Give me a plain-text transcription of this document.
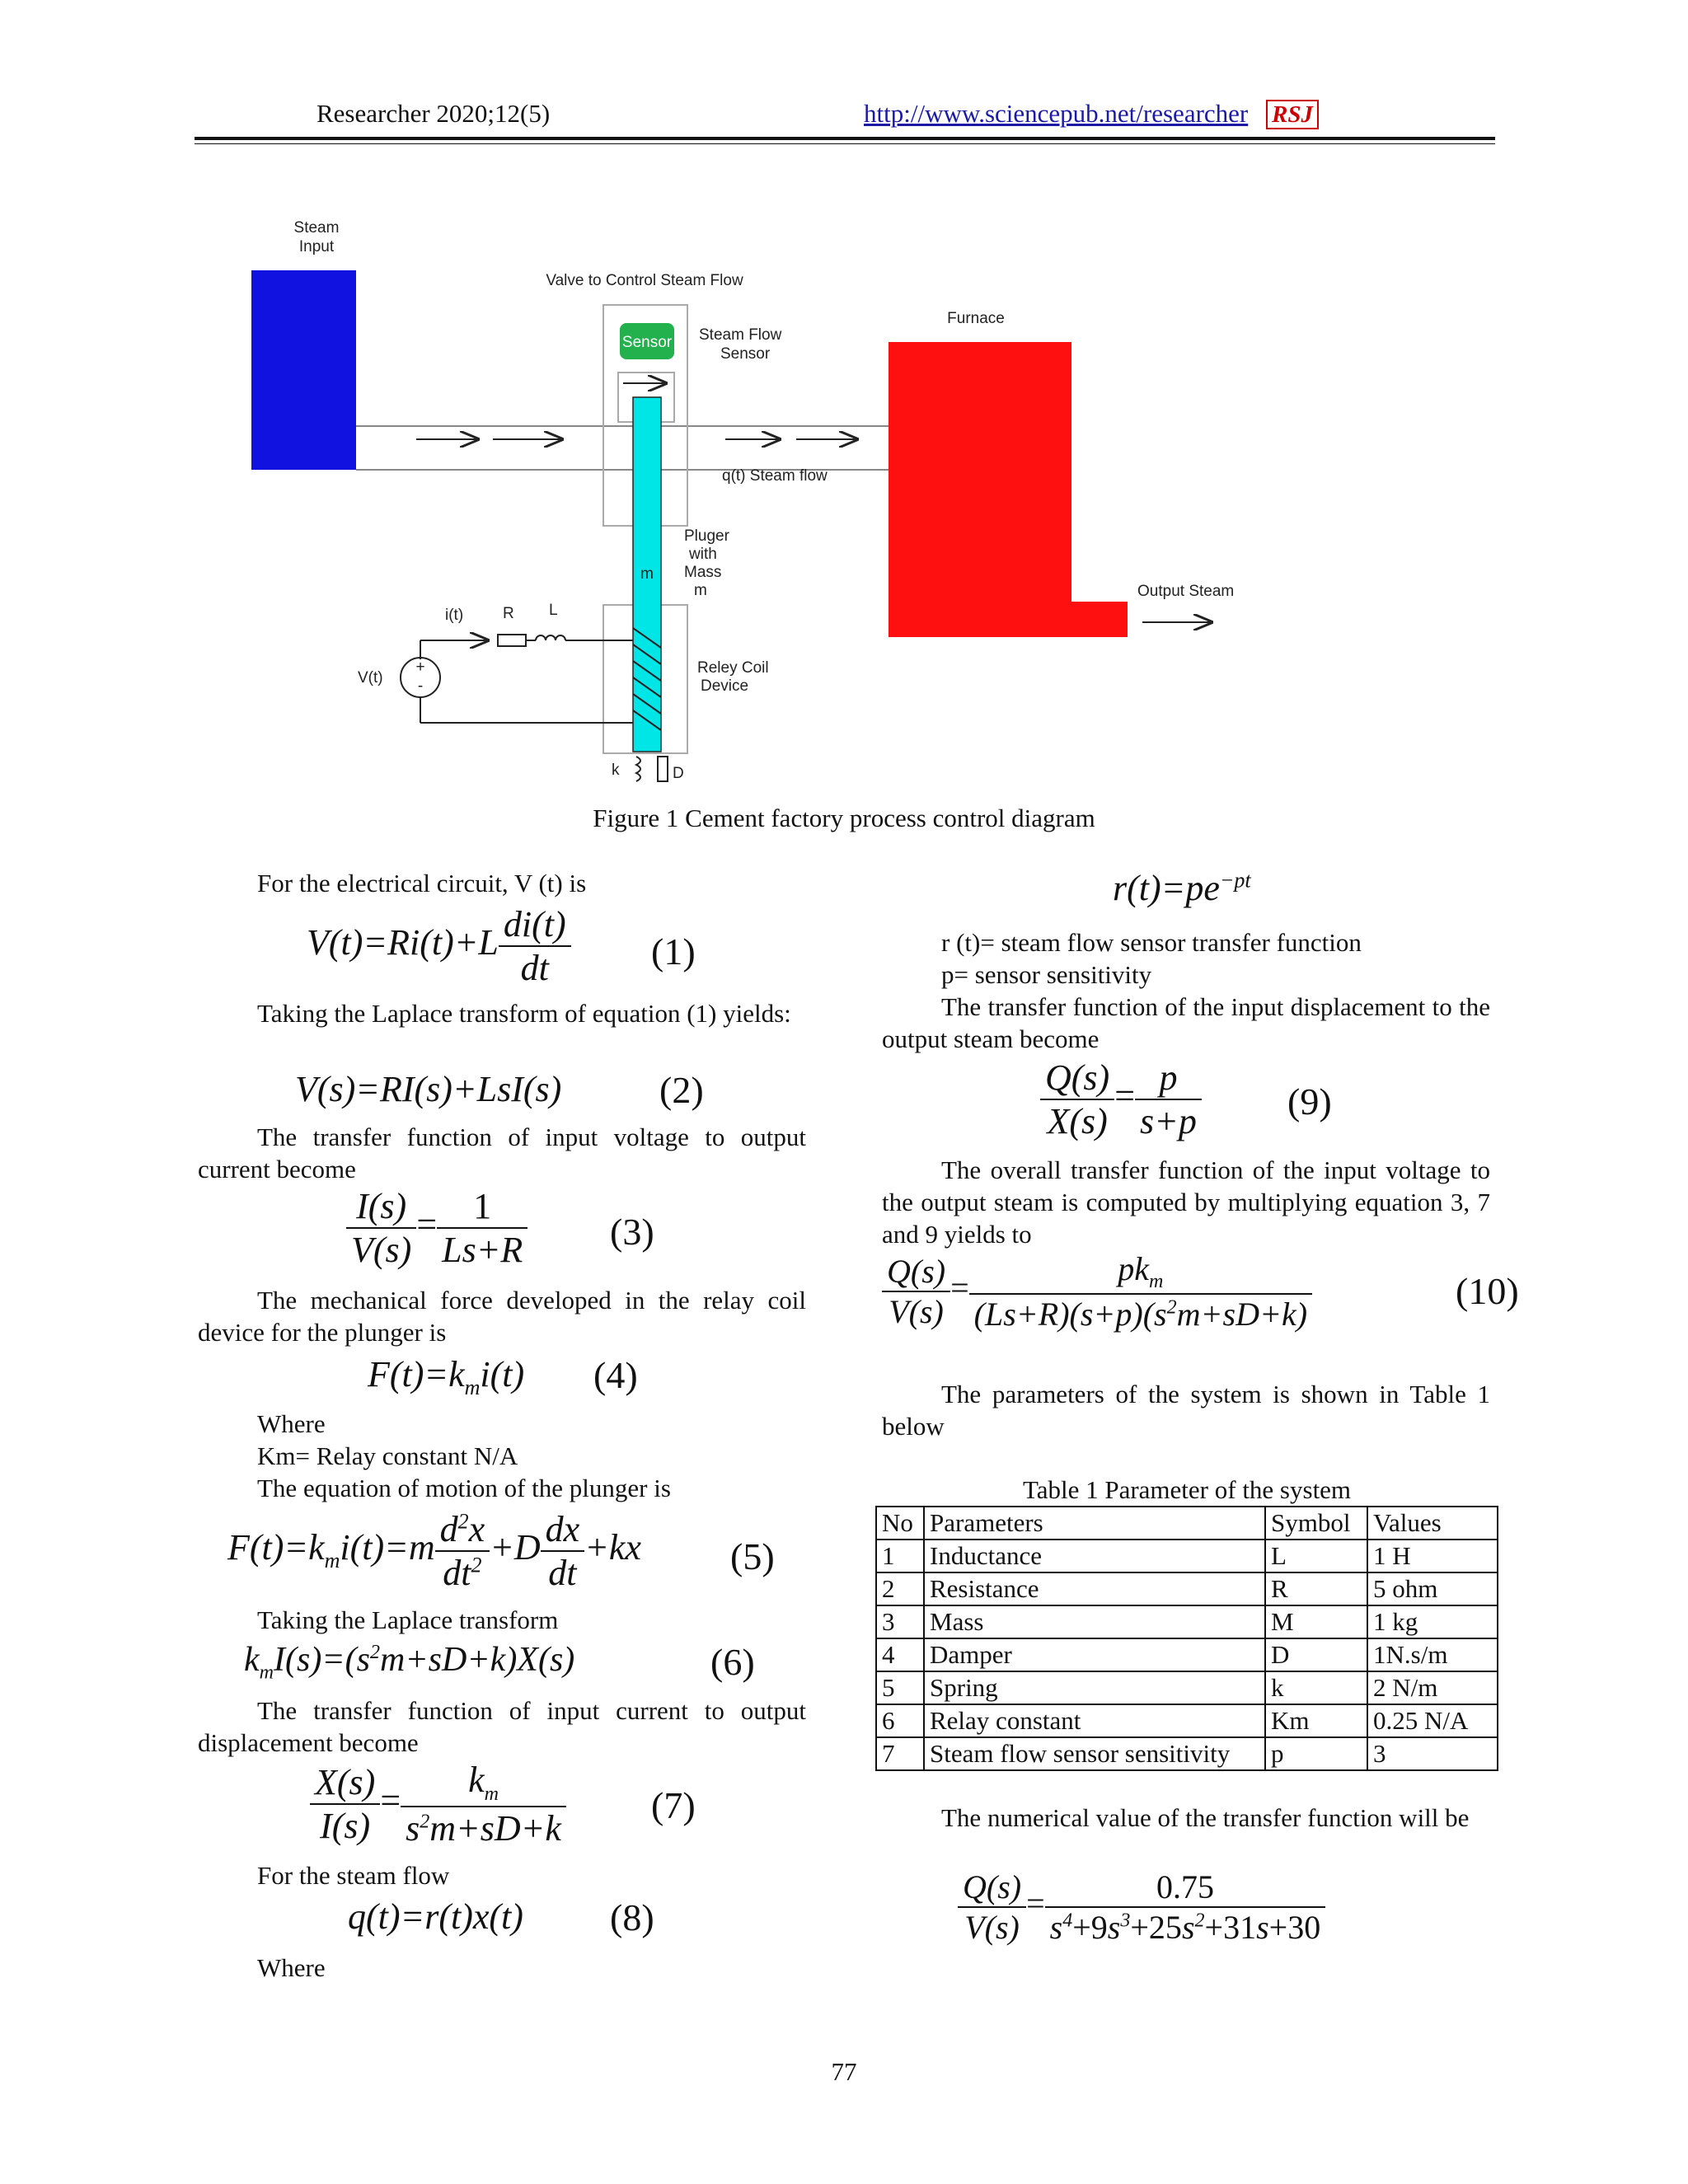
Researcher 2020;12(5)	http://www.sciencepub.net/researcher RSJ
Steam
Input
Valve to Control Steam Flow
Sensor Steam Flow
Sensor
q(t) Steam flow
m
Pluger
with
Mass
m
Reley Coil
Device
k	D
i(t)	R L
+
-
V(t)
Furnace
Output Steam
Figure 1 Cement factory process control diagram
For the electrical circuit, V (t) is
$V(t)=Ri(t)+L \frac{di(t)}{dt} (1)$
Taking the Laplace transform of equation (1) yields:
V(s)=RI(s)+LsI(s)	(2)
The transfer function of input voltage to output current become
$\frac{I(s)}{V(s)} = \frac{1}{Ls+R} (3)$
The mechanical force developed in the relay coil device for the plunger is
$F(t)=k_mi(t)$ (4)
Where
Km= Relay constant N/A
The equation of motion of the plunger is
$F(t)=k_mi(t)=m \frac{d^2x}{dt^2} +D \frac{dx}{dt} +kx$ (5)
Taking the Laplace transform
$k_mI(s)=(s^2m+sD+k)X(s)$	(6)
The transfer function of input current to output displacement become
$\frac{X(s)}{I(s)} = \frac{k_m}{s^2m+sD+k} (7)$
For the steam flow
q(t)=r(t)x(t) (8)
Where
$r(t)=pe^{-pt}$
r (t)= steam flow sensor transfer function
p= sensor sensitivity
The transfer function of the input displacement to the output steam become
$\frac{Q(s)}{X(s)} = \frac{p}{s+p} (9)$
The overall transfer function of the input voltage to the output steam is computed by multiplying equation 3, 7 and 9 yields to
$\frac{Q(s)}{V(s)} = \frac{pk_m}{(Ls+R)(s+p)(s^2m+sD+k)}$	(10)
The parameters of the system is shown in Table 1 below
Table 1 Parameter of the system
No	Parameters	Symbol	Values
1	Inductance	L	1 H
2	Resistance	R	5 ohm
3	Mass	M	1 kg
4	Damper	D	1N.s/m
5	Spring	k	2 N/m
6	Relay constant	Km	0.25 N/A
7	Steam flow sensor sensitivity	p	3
The numerical value of the transfer function will be
$\frac{Q(s)}{V(s)} = \frac{0.75}{s^4+9s^3+25s^2+31s+30}$
77
